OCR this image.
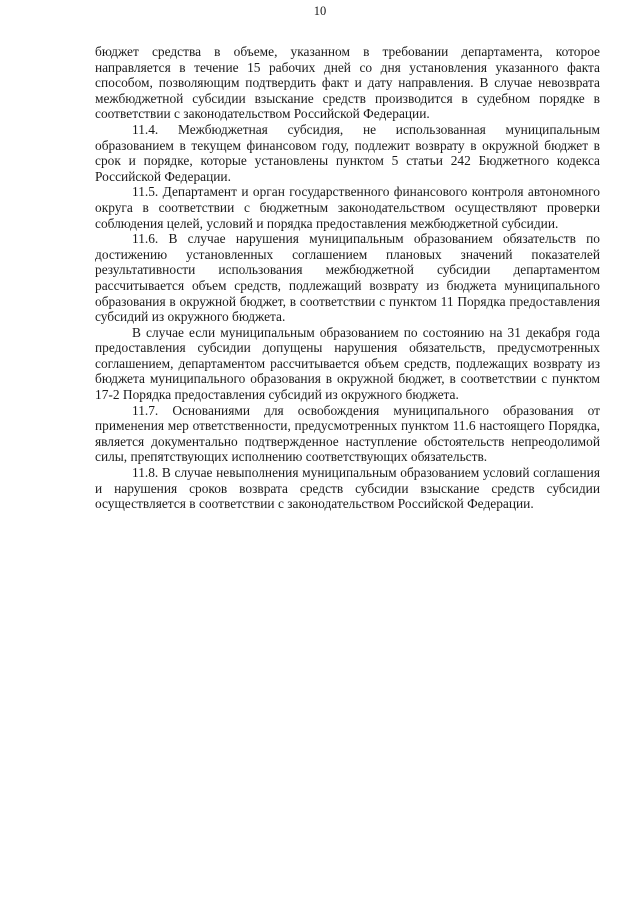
10

бюджет средства в объеме, указанном в требовании департамента, которое направляется в течение 15 рабочих дней со дня установления указанного факта способом, позволяющим подтвердить факт и дату направления. В случае невозврата межбюджетной субсидии взыскание средств производится в судебном порядке в соответствии с законодательством Российской Федерации.

11.4. Межбюджетная субсидия, не использованная муниципальным образованием в текущем финансовом году, подлежит возврату в окружной бюджет в срок и порядке, которые установлены пунктом 5 статьи 242 Бюджетного кодекса Российской Федерации.

11.5. Департамент и орган государственного финансового контроля автономного округа в соответствии с бюджетным законодательством осуществляют проверки соблюдения целей, условий и порядка предоставления межбюджетной субсидии.

11.6. В случае нарушения муниципальным образованием обязательств по достижению установленных соглашением плановых значений показателей результативности использования межбюджетной субсидии департаментом рассчитывается объем средств, подлежащий возврату из бюджета муниципального образования в окружной бюджет, в соответствии с пунктом 11 Порядка предоставления субсидий из окружного бюджета.

В случае если муниципальным образованием по состоянию на 31 декабря года предоставления субсидии допущены нарушения обязательств, предусмотренных соглашением, департаментом рассчитывается объем средств, подлежащих возврату из бюджета муниципального образования в окружной бюджет, в соответствии с пунктом 17-2 Порядка предоставления субсидий из окружного бюджета.

11.7. Основаниями для освобождения муниципального образования от применения мер ответственности, предусмотренных пунктом 11.6 настоящего Порядка, является документально подтвержденное наступление обстоятельств непреодолимой силы, препятствующих исполнению соответствующих обязательств.

11.8. В случае невыполнения муниципальным образованием условий соглашения и нарушения сроков возврата средств субсидии взыскание средств субсидии осуществляется в соответствии с законодательством Российской Федерации.
